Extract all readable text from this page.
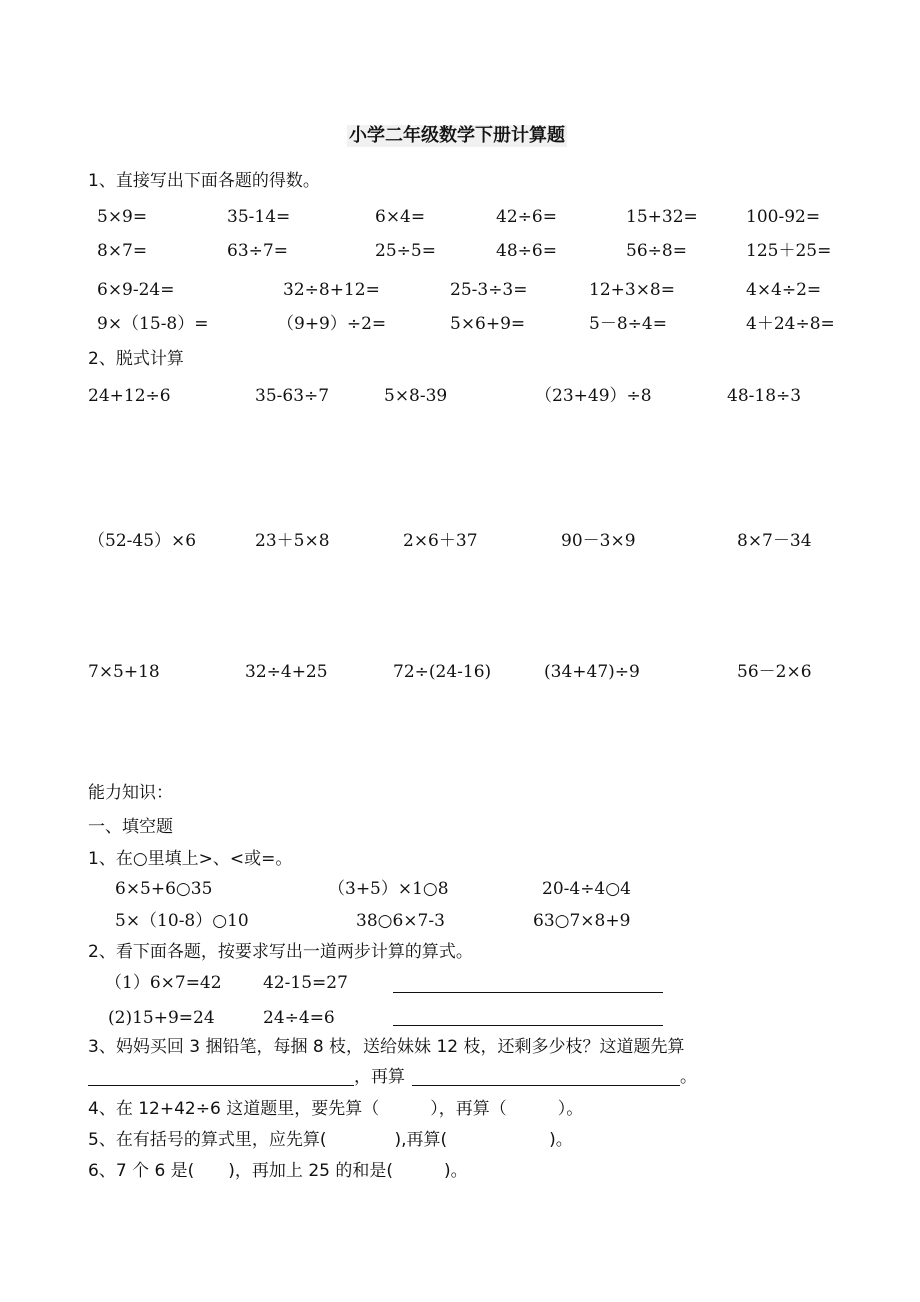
小学二年级数学下册计算题
1、直接写出下面各题的得数。
5×9=	35-14=	6×4=	42÷6=	15+32=	100-92=
8×7=	63÷7=	25÷5=	48÷6=	56÷8=	125＋25=
6×9-24=	32÷8+12=	25-3÷3=	12+3×8=	4×4÷2=
9×（15-8）=	（9+9）÷2=	5×6+9=	5－8÷4=	4＋24÷8=
2、脱式计算
24+12÷6	35-63÷7	5×8-39	（23+49）÷8	48-18÷3
（52-45）×6	23＋5×8	2×6＋37	90－3×9	8×7－34
7×5+18	32÷4+25	72÷(24-16)	(34+47)÷9	56－2×6
能力知识：
一、填空题
1、在○里填上>、<或=。
6×5+6○35	（3+5）×1○8	20-4÷4○4
5×（10-8）○10	38○6×7-3	63○7×8+9
2、看下面各题，按要求写出一道两步计算的算式。
（1）6×7=42 42-15=27
(2)15+9=24	24÷4=6
3、妈妈买回 3 捆铅笔，每捆 8 枝，送给妹妹 12 枝，还剩多少枝？这道题先算
，再算	。
4、在 12+42÷6 这道题里，要先算（　　　），再算（　　　）。
5、在有括号的算式里，应先算(　　　　),再算(　　　　　　)。
6、7 个 6 是(　　)，再加上 25 的和是(　　　)。
